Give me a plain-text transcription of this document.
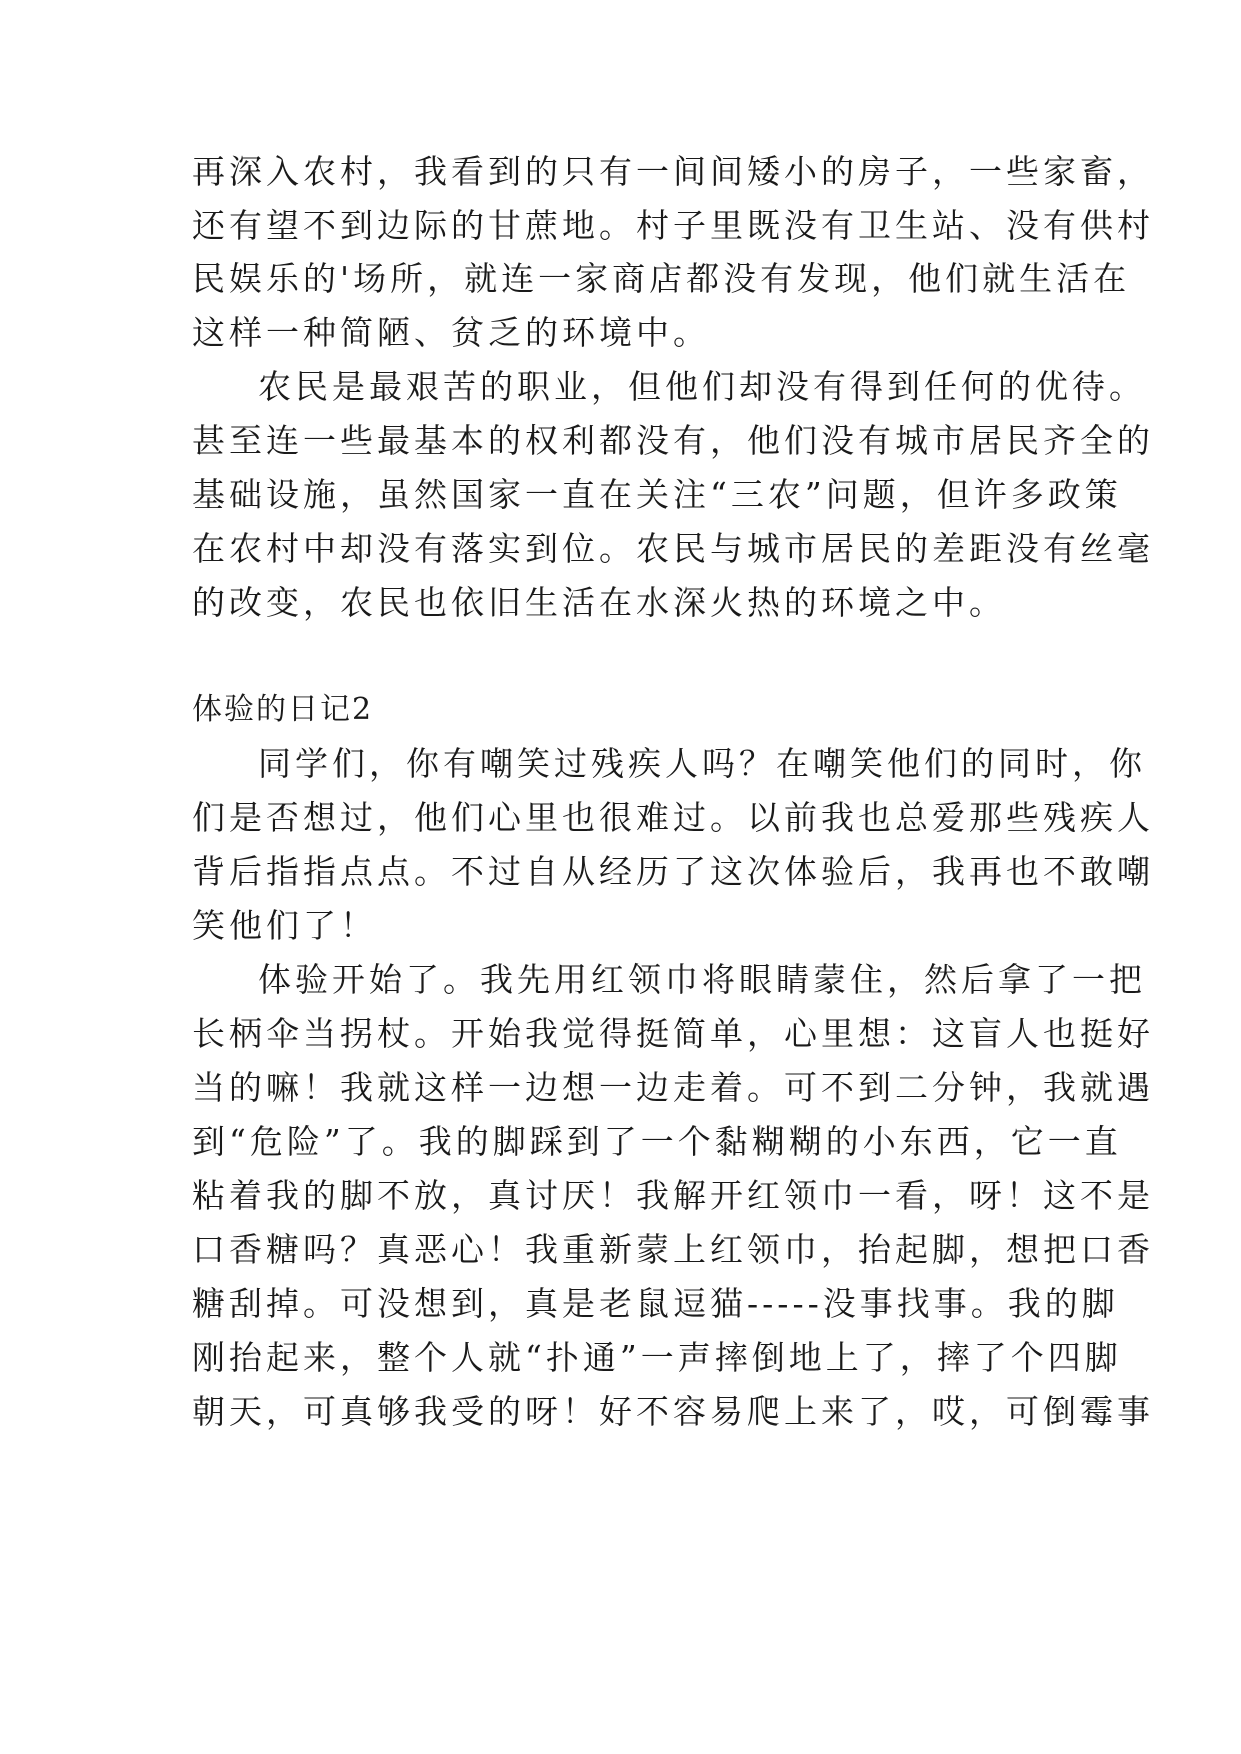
再深入农村，我看到的只有一间间矮小的房子，一些家畜，
还有望不到边际的甘蔗地。村子里既没有卫生站、没有供村
民娱乐的'场所，就连一家商店都没有发现，他们就生活在
这样一种简陋、贫乏的环境中。
农民是最艰苦的职业，但他们却没有得到任何的优待。
甚至连一些最基本的权利都没有，他们没有城市居民齐全的
基础设施，虽然国家一直在关注“三农”问题，但许多政策
在农村中却没有落实到位。农民与城市居民的差距没有丝毫
的改变，农民也依旧生活在水深火热的环境之中。
体验的日记2
同学们，你有嘲笑过残疾人吗？在嘲笑他们的同时，你
们是否想过，他们心里也很难过。以前我也总爱那些残疾人
背后指指点点。不过自从经历了这次体验后，我再也不敢嘲
笑他们了！
体验开始了。我先用红领巾将眼睛蒙住，然后拿了一把
长柄伞当拐杖。开始我觉得挺简单，心里想：这盲人也挺好
当的嘛！我就这样一边想一边走着。可不到二分钟，我就遇
到“危险”了。我的脚踩到了一个黏糊糊的小东西，它一直
粘着我的脚不放，真讨厌！我解开红领巾一看，呀！这不是
口香糖吗？真恶心！我重新蒙上红领巾，抬起脚，想把口香
糖刮掉。可没想到，真是老鼠逗猫-----没事找事。我的脚
刚抬起来，整个人就“扑通”一声摔倒地上了，摔了个四脚
朝天，可真够我受的呀！好不容易爬上来了，哎，可倒霉事
